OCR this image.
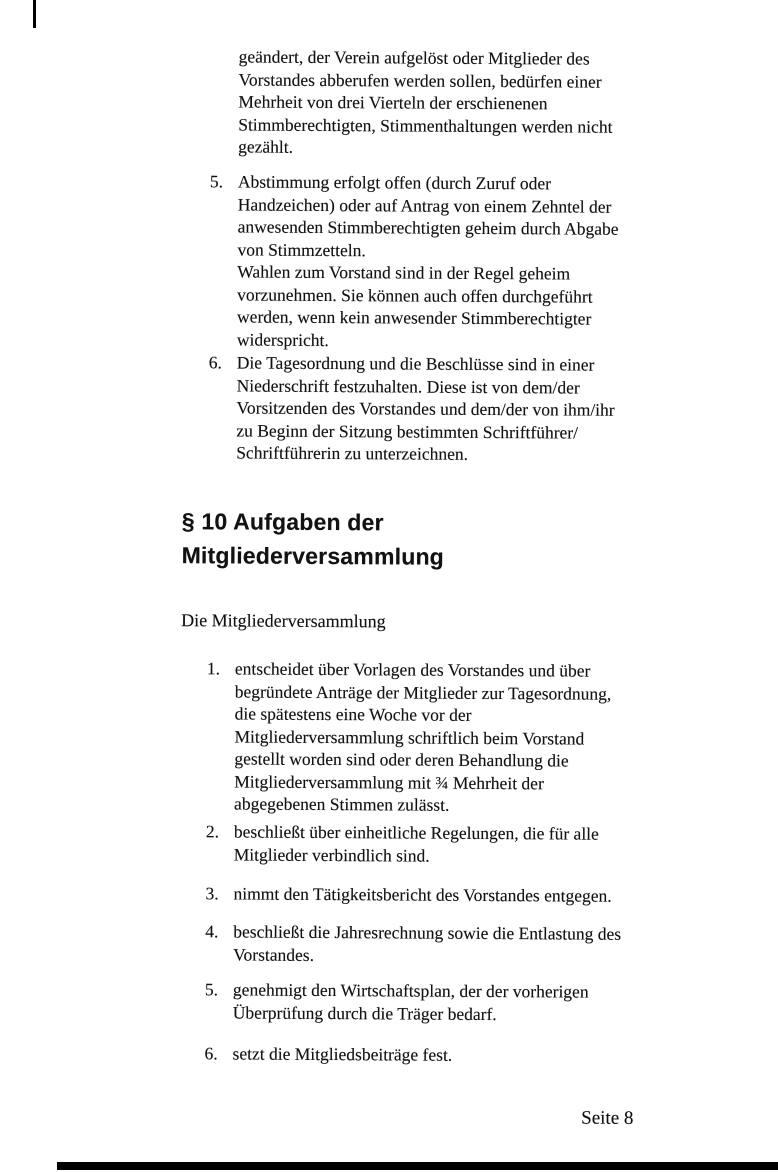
geändert, der Verein aufgelöst oder Mitglieder des
Vorstandes abberufen werden sollen, bedürfen einer
Mehrheit von drei Vierteln der erschienenen
Stimmberechtigten, Stimmenthaltungen werden nicht
gezählt.
5. Abstimmung erfolgt offen (durch Zuruf oder
Handzeichen) oder auf Antrag von einem Zehntel der
anwesenden Stimmberechtigten geheim durch Abgabe
von Stimmzetteln.
Wahlen zum Vorstand sind in der Regel geheim
vorzunehmen. Sie können auch offen durchgeführt
werden, wenn kein anwesender Stimmberechtigter
widerspricht.
6. Die Tagesordnung und die Beschlüsse sind in einer
Niederschrift festzuhalten. Diese ist von dem/der
Vorsitzenden des Vorstandes und dem/der von ihm/ihr
zu Beginn der Sitzung bestimmten Schriftführer/
Schriftführerin zu unterzeichnen.
§ 10 Aufgaben der
Mitgliederversammlung
Die Mitgliederversammlung
1. entscheidet über Vorlagen des Vorstandes und über
begründete Anträge der Mitglieder zur Tagesordnung,
die spätestens eine Woche vor der
Mitgliederversammlung schriftlich beim Vorstand
gestellt worden sind oder deren Behandlung die
Mitgliederversammlung mit ¾ Mehrheit der
abgegebenen Stimmen zulässt.
2. beschließt über einheitliche Regelungen, die für alle
Mitglieder verbindlich sind.
3. nimmt den Tätigkeitsbericht des Vorstandes entgegen.
4. beschließt die Jahresrechnung sowie die Entlastung des
Vorstandes.
5. genehmigt den Wirtschaftsplan, der der vorherigen
Überprüfung durch die Träger bedarf.
6. setzt die Mitgliedsbeiträge fest.
Seite 8
